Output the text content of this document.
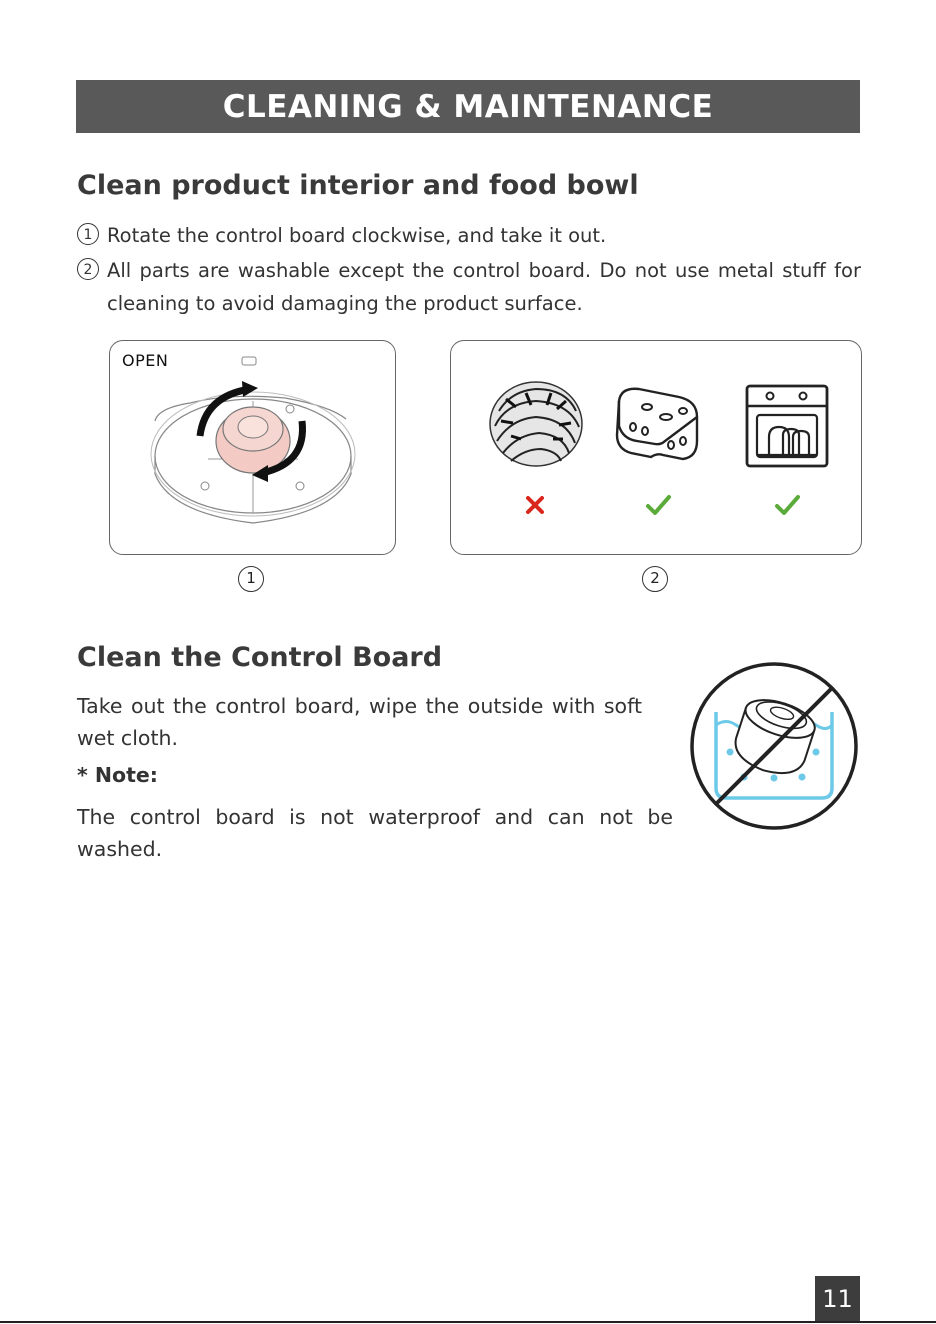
CLEANING & MAINTENANCE
Clean product interior and food bowl
1 Rotate the control board clockwise, and take it out.
2 All parts are washable except the control board. Do not use metal stuff for cleaning to avoid damaging the product surface.
OPEN
1	2
Clean the Control Board
Take out the control board, wipe the outside with soft wet cloth.
* Note:
The control board is not waterproof and can not be washed.
11
